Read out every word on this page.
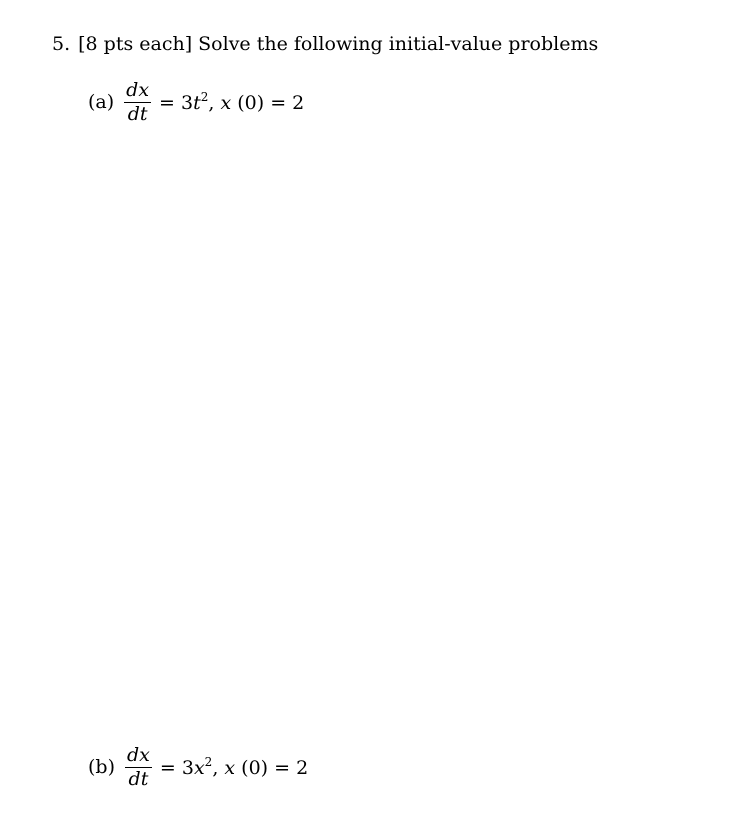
5. [8 pts each] Solve the following initial-value problems
$(a) \frac{dx}{dt} = 3t^2$, x (0) = 2
$(b) \frac{dx}{dt} = 3x^2$, x (0) = 2
